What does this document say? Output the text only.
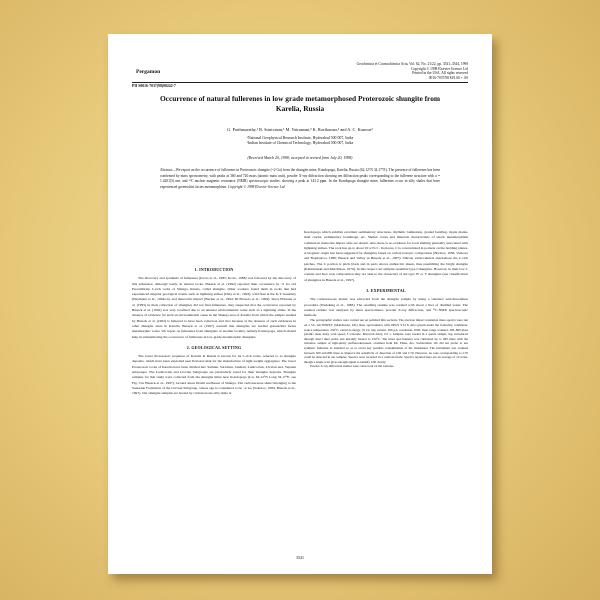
Pergamon
Geochimica et Cosmochimica Acta, Vol. 62, No. 21/22, pp. 3541–3544, 1998
Copyright © 1998 Elsevier Science Ltd
Printed in the USA. All rights reserved
0016-7037/98 $19.00 + .00
PII S0016-7037(98)00242-7
Occurrence of natural fullerenes in low grade metamorphosed Proterozoic shungite from Karelia, Russia
G. Parthasarathy,¹ R. Srinivasan,¹ M. Vairamani,² K. Ravikumar,² and A. C. Kunwar²
¹National Geophysical Research Institute, Hyderabad 500 007, India
²Indian Institute of Chemical Technology, Hyderabad 500 007, India
(Received March 20, 1998; accepted in revised form July 20, 1998)
Abstract—We report on the occurrence of fullerenes in Proterozoic shungite (~2 Ga) from the shungite mine, Kondopoga, Karelia, Russia (62.12°N 34.17°E). The presence of fullerenes has been confirmed by mass spectrometry, with peaks at 360 and 720 mass (atomic mass unit), powder X-ray diffraction showing ten diffraction peaks corresponding to the fullerene structure with a = 1.4201(5) nm, and ¹³C nuclear magnetic resonance (NMR) spectroscopic studies, showing a peak at 143.2 ppm. In the Kondopoga shungite mine, fullerenes occur in silty shales that have experienced greenschist facies metamorphism. Copyright © 1998 Elsevier Science Ltd
1. INTRODUCTION

The discovery and synthesis of fullerenes (Kroto et al., 1985; Kroto, 1988) was followed by the discovery of this substance, although rarely, in natural rocks. Buseck et al. (1992) reported their occurrence in ~2 Ga old Precambrian C-rich rocks of Shunga, Russia, called shungite. Other workers found them in rocks that had experienced singular geological events such as lightning strikes (Daly et al., 1993), wild fires at the K-T boundary (Heymann et al., 1994a,b), and meteoritic impact (Becker et al., 1994; Di Brozolo et al., 1994). Since Ebbesen et al. (1995) in their collection of shungites did not find fullerenes, they suspected that the occurrence reported by Buseck et al. (1992) was very localised due to an unusual environmental cause such as a lightning strike. In the absence of evidence for such an environmental cause in the Shunga area of Karelia from which the sample studied by Buseck et al. (1992) is believed to have been collected, and also because of the absence of such evidences in other shungite areas in Karelia, Buseck et al. (1997) contend that shungites are normal greenschist facies metamorphic rocks. We report on fullerenes from shungites of another locality, namely Kondopoga, which should help in substantiating the occurrence of fullerenes in low-grade metamorphic shungites.

2. GEOLOGICAL SETTING

The lower Proterozoic sequence of Karelia in Russia is known for its C-rich rocks, referred to as shungite deposits, which have been exploited near Petrozavodsk for the manufacture of light-weight aggregates. The lower Proterozoic rocks of Karelia have been divided into Sumian, Sariolian, Jatulian, Ludicovian, Livvian and, Vepsian subgroups. The Ludicovian and Livvian Subgroups are particularly noted for their shungite deposits. Shungite samples for this study were collected from the shungite mine near Kondopoga (Lat. 62.12°N Long 34.17°E, see Fig. 3 in Buseck et al., 1997), located about 60 km northwest of Shunga. The carbonaceous shale belonging to the Suisarian Formation of the Livvian Subgroup, whose age is considered to be ~2 Ga (Sokolov, 1984; Buseck et al., 1997). Our shungite samples are hosted by carbonaceous silty shale at

Kondopoga which exhibits excellent sedimentary structures, rhythmic lamination, graded bedding, ripple marks, mud cracks, sedimentary boudinage, etc. Shelter cones and minerals characteristic of shock metamorphism common in meteorite impact sites are absent. Also there is no evidence for local melting generally associated with lightning strikes. The rock has up to about 10 wt% C. In places, C is concentrated in pockets on the bedding planes. A biogenic origin has been suggested for shungites based on carbon isotopic composition (Borisov, 1956; Volkova and Bogdanova, 1986; Buseck and Valley in Buseck et al., 1997). Silicate veins/veinlets anastomose the C-rich patches. The C portion is pitch black and in parts shows anthracitic sheen, thus resembling the bright shungite (Kholmanski and Murchison, 1979). In this respect our samples resemble type I shungites. However, in their low C content and host rock composition they are akin to the characters of the type IV or V shungites (see classification of shungites in Buseck et al., 1997).

3. EXPERIMENTAL

The carbonaceous matter was extracted from the shungite sample by using a standard acid-dissolution procedure (Wedeking et al., 1983). The resulting residue was washed with about a liter of distilled water. The washed residue was analysed by mass spectrometer, powder X-ray diffraction, and ¹³C-NMR spectroscopic methods.

The petrographic studies were carried out on polished thin sections. The electron impact ionization mass spectra were run on a VG AUTOSPEC (Manchester, UK) mass spectrometer with OPUS V3.1X data system under the following conditions: source temperature, 250°C, electron energy, 70 eV, trap current, 200 μA, resolution, 1000, mass range scanned, 300–800 mass (atomic mass unit), scan speed, 5 s/decade, Interscan delay, 0.5 s. Samples were loaded in a quartz sample cup, introduced through direct inlet probe and instantly heated to 250°C. The mass spectrometer was calibrated up to 900 mass with the reference sample of high-purity perfluorokerosene, obtained from Mr. Fluka, AG, Switzerland. We did not prefer to use synthetic fullerene as standard so as to avoid any possible contamination of the instrument. The instrument was scanned between 300 and 800 mass to improve the sensitivity of detection of C60 and C70. However, no ions corresponding to C70 could be detected in our samples. Spectra were recorded in a centroid mode. Spectra reported here are an average of 10 scans, though a single scan gives enough signal to identify C60 clearly.

Powder X-ray diffraction studies were carried out on the carbona-

3541
